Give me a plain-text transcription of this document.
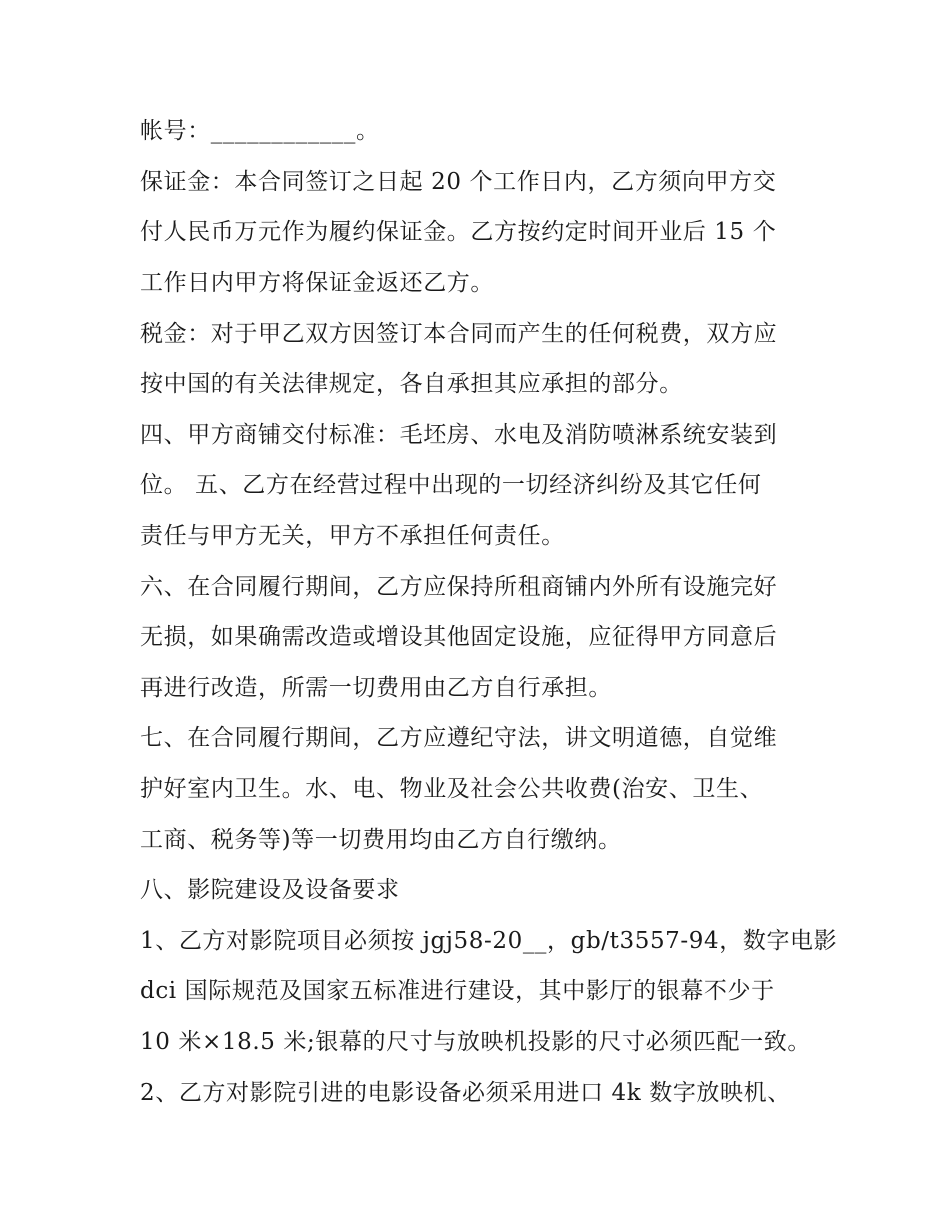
帐号：____________。
保证金：本合同签订之日起 20 个工作日内，乙方须向甲方交
付人民币万元作为履约保证金。乙方按约定时间开业后 15 个
工作日内甲方将保证金返还乙方。
税金：对于甲乙双方因签订本合同而产生的任何税费，双方应
按中国的有关法律规定，各自承担其应承担的部分。
四、甲方商铺交付标准：毛坯房、水电及消防喷淋系统安装到
位。 五、乙方在经营过程中出现的一切经济纠纷及其它任何
责任与甲方无关，甲方不承担任何责任。
六、在合同履行期间，乙方应保持所租商铺内外所有设施完好
无损，如果确需改造或增设其他固定设施，应征得甲方同意后
再进行改造，所需一切费用由乙方自行承担。
七、在合同履行期间，乙方应遵纪守法，讲文明道德，自觉维
护好室内卫生。水、电、物业及社会公共收费(治安、卫生、
工商、税务等)等一切费用均由乙方自行缴纳。
八、影院建设及设备要求
1、乙方对影院项目必须按 jgj58-20__，gb/t3557-94，数字电影
dci 国际规范及国家五标准进行建设，其中影厅的银幕不少于
10 米×18.5 米;银幕的尺寸与放映机投影的尺寸必须匹配一致。
2、乙方对影院引进的电影设备必须采用进口 4k 数字放映机、
